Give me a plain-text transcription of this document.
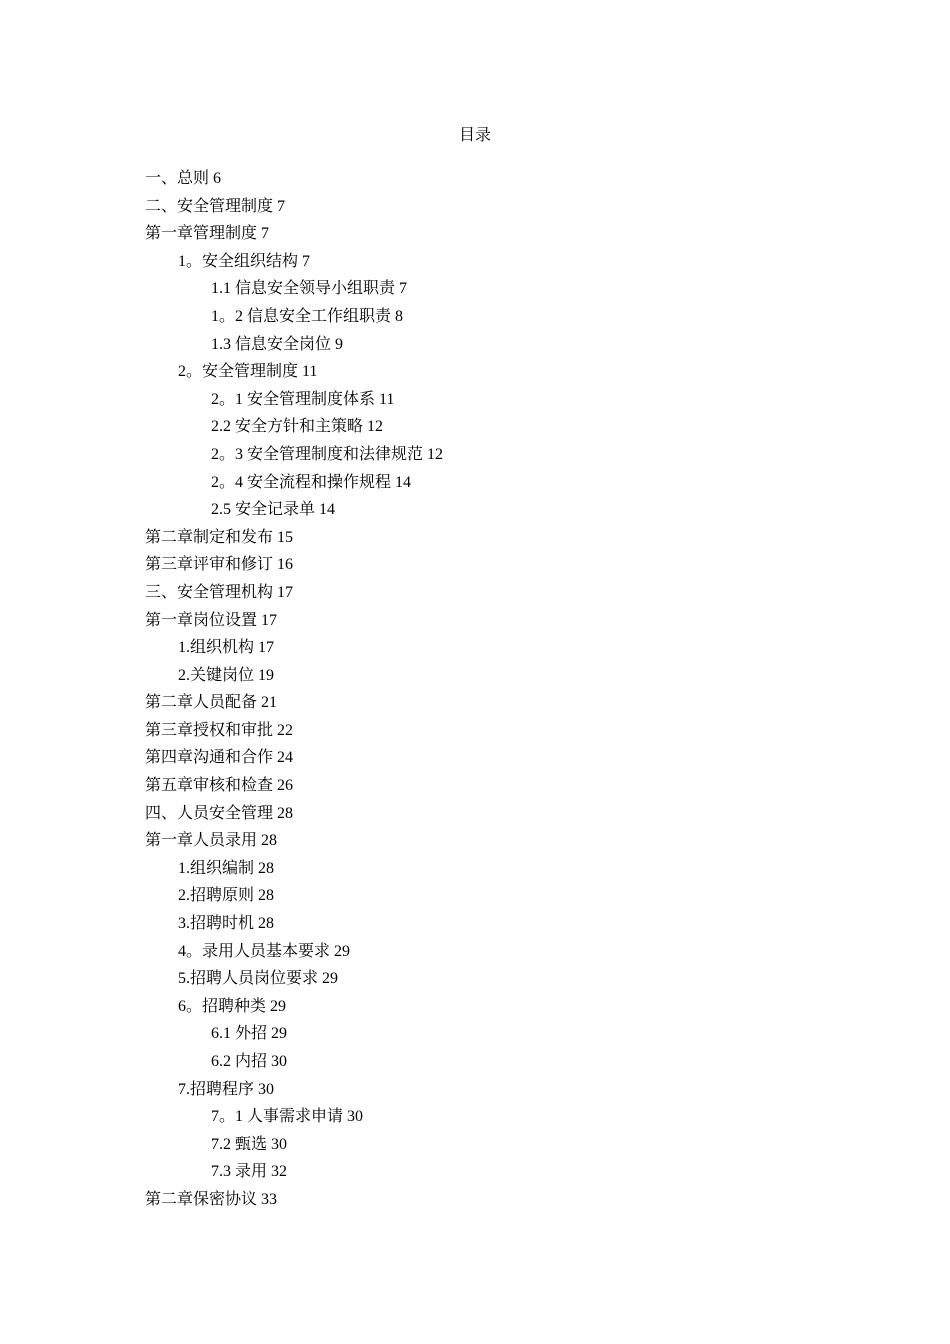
目录
一、总则 6
二、安全管理制度 7
第一章管理制度 7
1。安全组织结构 7
1.1 信息安全领导小组职责 7
1。2 信息安全工作组职责 8
1.3 信息安全岗位 9
2。安全管理制度 11
2。1 安全管理制度体系 11
2.2 安全方针和主策略 12
2。3 安全管理制度和法律规范 12
2。4 安全流程和操作规程 14
2.5 安全记录单 14
第二章制定和发布 15
第三章评审和修订 16
三、安全管理机构 17
第一章岗位设置 17
1.组织机构 17
2.关键岗位 19
第二章人员配备 21
第三章授权和审批 22
第四章沟通和合作 24
第五章审核和检查 26
四、人员安全管理 28
第一章人员录用 28
1.组织编制 28
2.招聘原则 28
3.招聘时机 28
4。录用人员基本要求 29
5.招聘人员岗位要求 29
6。招聘种类 29
6.1 外招 29
6.2 内招 30
7.招聘程序 30
7。1 人事需求申请 30
7.2 甄选 30
7.3 录用 32
第二章保密协议 33
